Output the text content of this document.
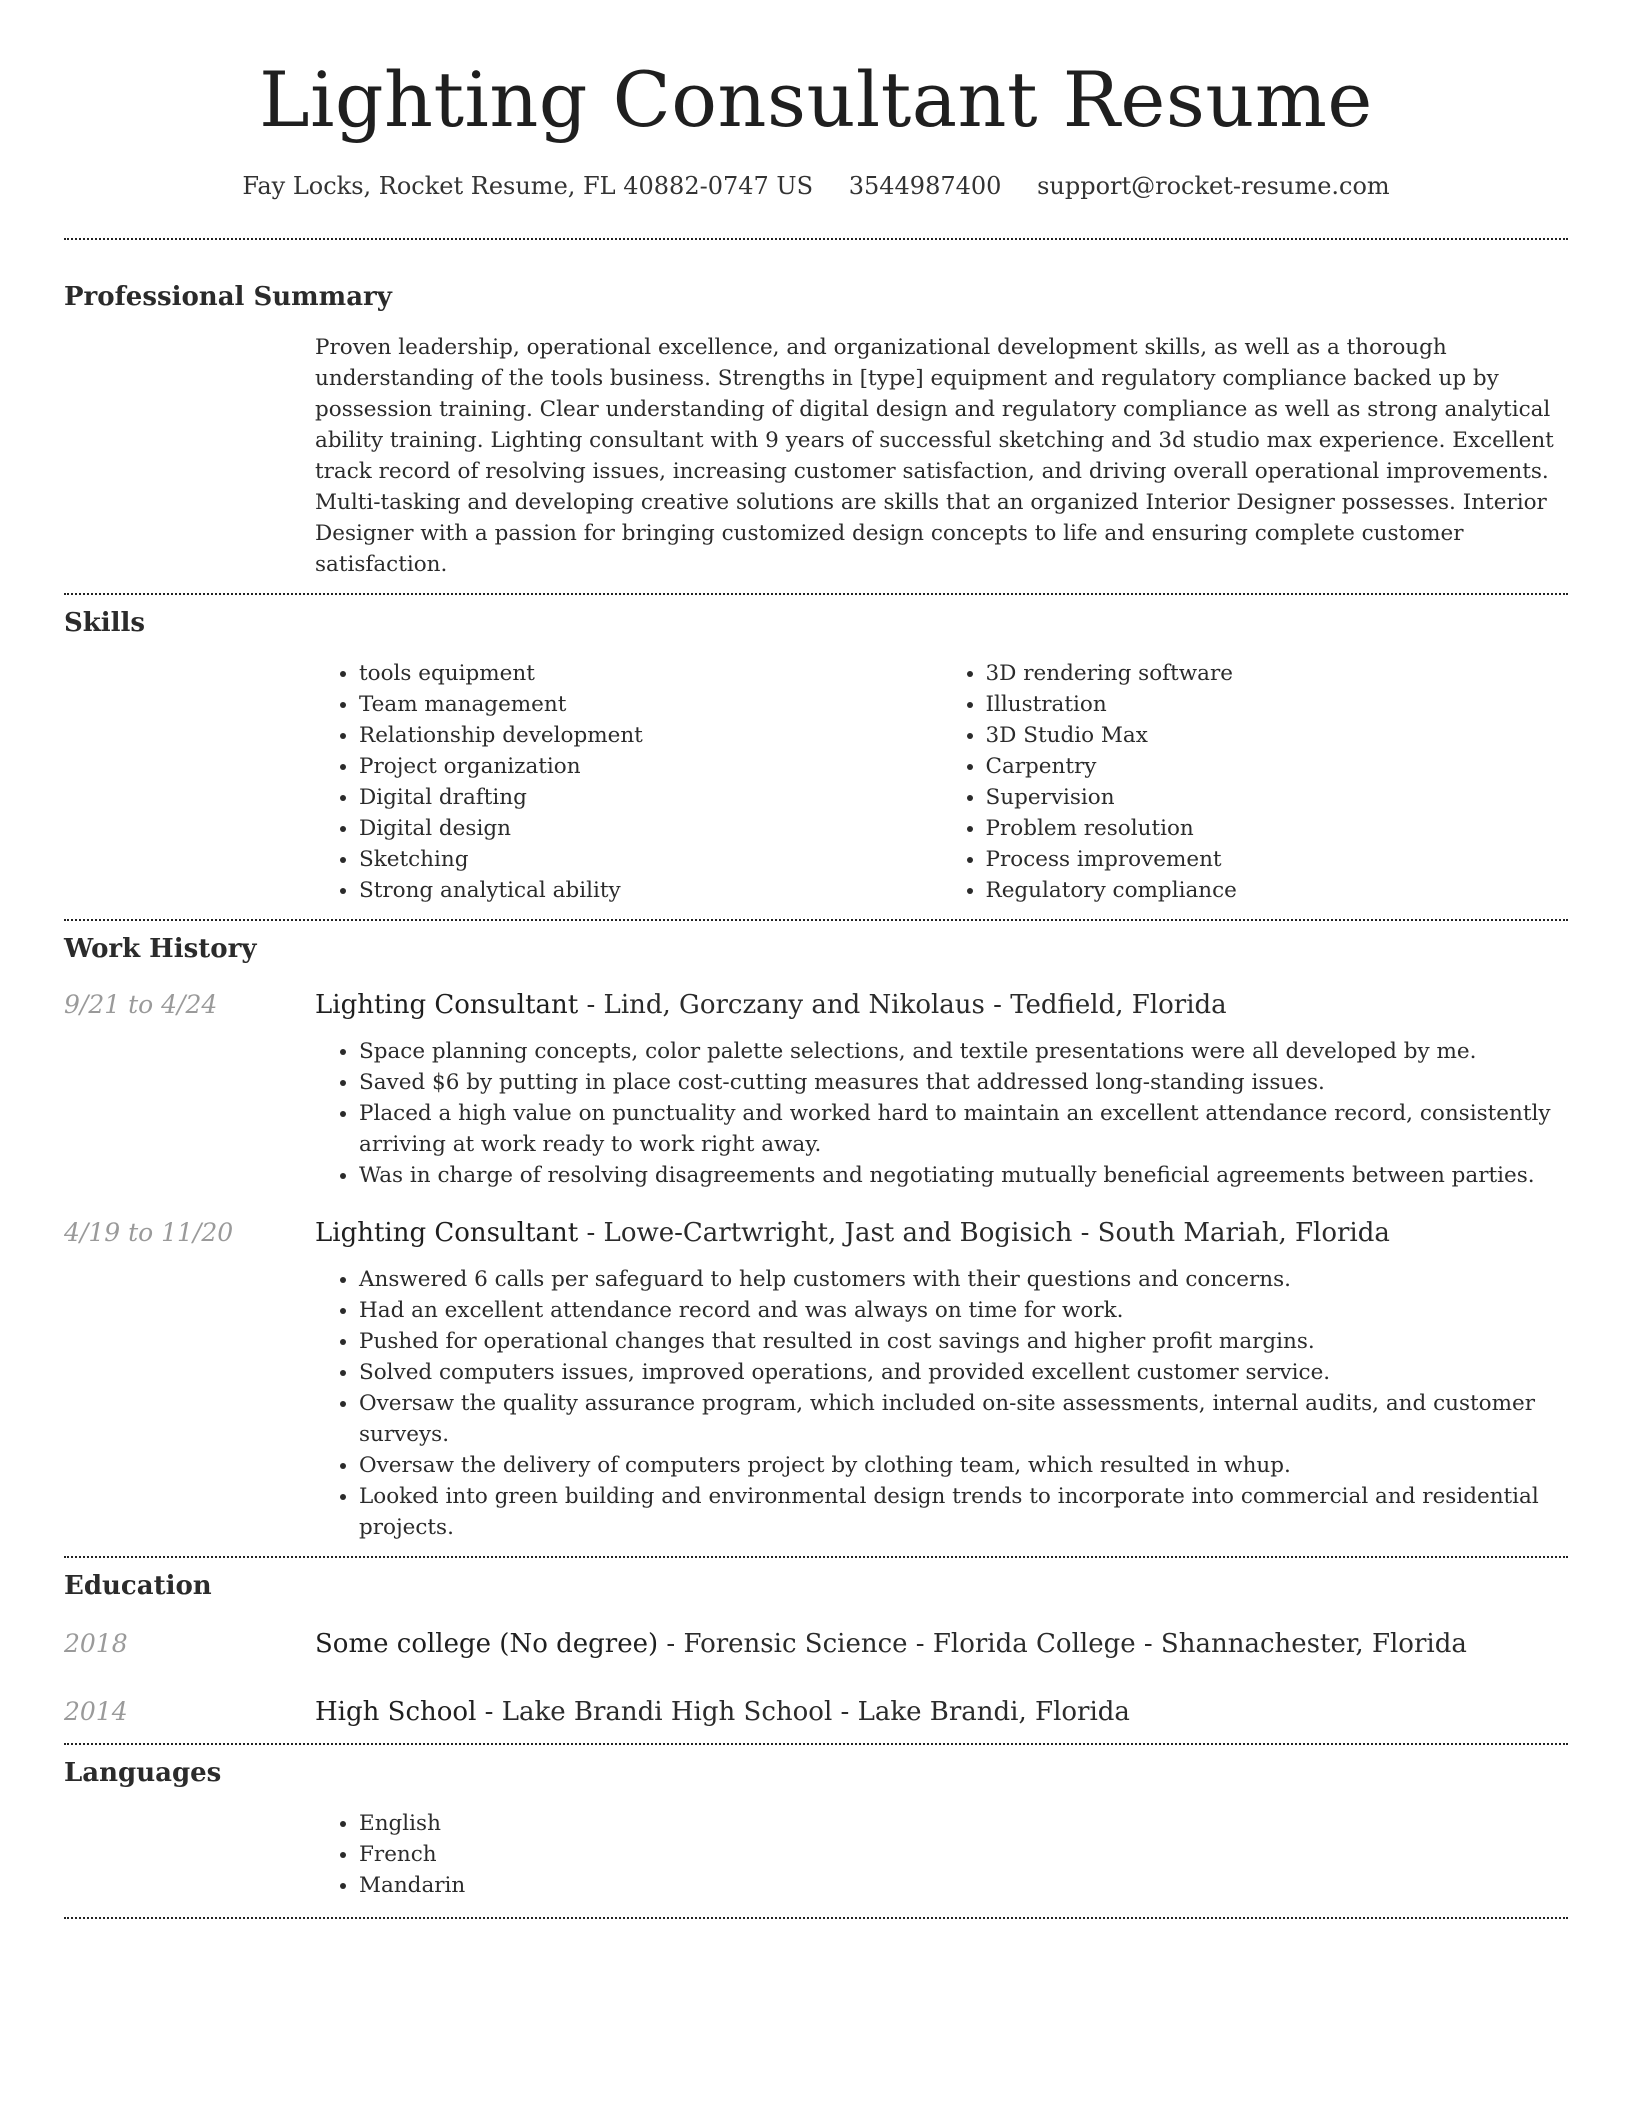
Lighting Consultant Resume
Fay Locks, Rocket Resume, FL 40882-0747 US 3544987400 support@rocket-resume.com
Professional Summary

Proven leadership, operational excellence, and organizational development skills, as well as a thorough understanding of the tools business. Strengths in [type] equipment and regulatory compliance backed up by possession training. Clear understanding of digital design and regulatory compliance as well as strong analytical ability training. Lighting consultant with 9 years of successful sketching and 3d studio max experience. Excellent track record of resolving issues, increasing customer satisfaction, and driving overall operational improvements. Multi-tasking and developing creative solutions are skills that an organized Interior Designer possesses. Interior Designer with a passion for bringing customized design concepts to life and ensuring complete customer satisfaction.

Skills
• tools equipment
• Team management
• Relationship development
• Project organization
• Digital drafting
• Digital design
• Sketching
• Strong analytical ability
• 3D rendering software
• Illustration
• 3D Studio Max
• Carpentry
• Supervision
• Problem resolution
• Process improvement
• Regulatory compliance
Work History
9/21 to 4/24	Lighting Consultant - Lind, Gorczany and Nikolaus - Tedfield, Florida
• Space planning concepts, color palette selections, and textile presentations were all developed by me.
• Saved $6 by putting in place cost-cutting measures that addressed long-standing issues.
• Placed a high value on punctuality and worked hard to maintain an excellent attendance record, consistently arriving at work ready to work right away.
• Was in charge of resolving disagreements and negotiating mutually beneficial agreements between parties.
4/19 to 11/20	Lighting Consultant - Lowe-Cartwright, Jast and Bogisich - South Mariah, Florida
• Answered 6 calls per safeguard to help customers with their questions and concerns.
• Had an excellent attendance record and was always on time for work.
• Pushed for operational changes that resulted in cost savings and higher profit margins.
• Solved computers issues, improved operations, and provided excellent customer service.
• Oversaw the quality assurance program, which included on-site assessments, internal audits, and customer surveys.
• Oversaw the delivery of computers project by clothing team, which resulted in whup.
• Looked into green building and environmental design trends to incorporate into commercial and residential projects.
Education
2018	Some college (No degree) - Forensic Science - Florida College - Shannachester, Florida
2014	High School - Lake Brandi High School - Lake Brandi, Florida
Languages
• English
• French
• Mandarin
